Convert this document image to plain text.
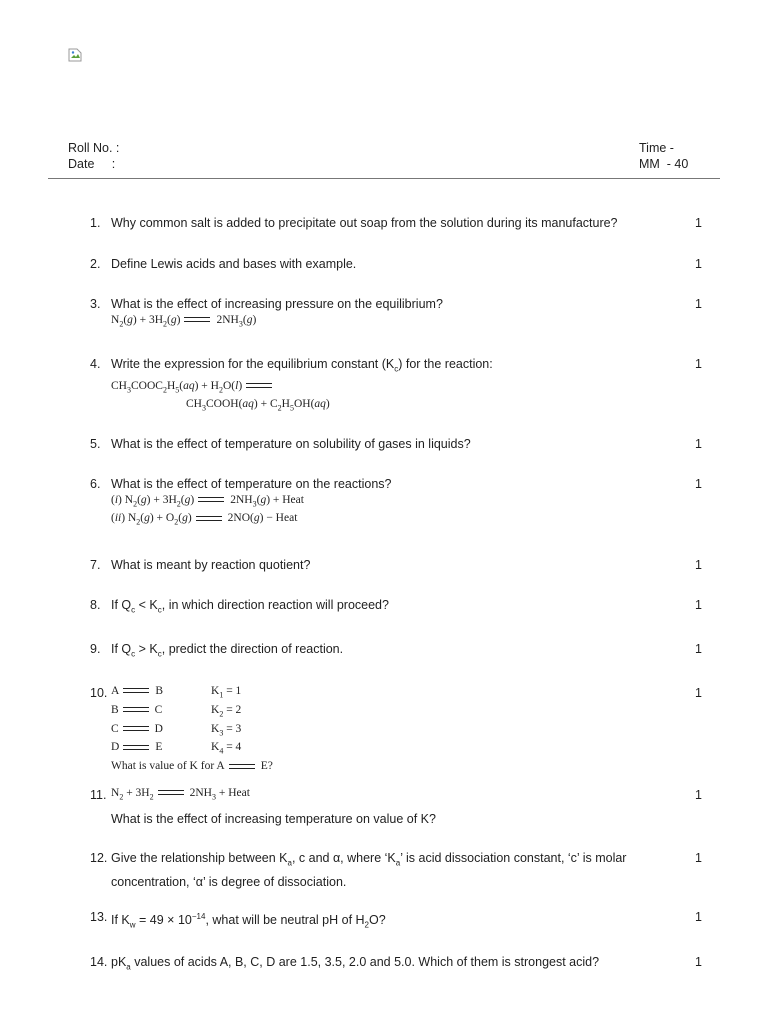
Roll No. :
Date     :
Time -
MM  - 40
1. Why common salt is added to precipitate out soap from the solution during its manufacture?	1
2. Define Lewis acids and bases with example.	1
3. What is the effect of increasing pressure on the equilibrium?	1
$N_2(g) + 3H_2(g)$	$2NH_3(g)$
4. Write the expression for the equilibrium constant $(K_c)$ for the reaction:	1
$CH_3COOC_2H_5(aq) + H_2O(l)$
$CH_3COOH(aq) + C_2H_5OH(aq)$
5. What is the effect of temperature on solubility of gases in liquids?	1
6. What is the effect of temperature on the reactions?	1
(i) $N_2(g) + 3H_2(g)$	$2NH_3(g)$ + Heat
(ii) $N_2(g) + O_2(g)$	2NO(g) − Heat
7. What is meant by reaction quotient?	1
8. If $Q_c < K_c$, in which direction reaction will proceed?	1
9. If $Q_c > K_c$, predict the direction of reaction.	1
10.	1
A	B	$K_1 = 1$
B	C	$K_2 = 2$
C	D	$K_3 = 3$
D	E	$K_4 = 4$
What is value of K for A	E?
11.	1
$N_2 + 3H_2$	$2NH_3$ + Heat
What is the effect of increasing temperature on value of K?
12. Give the relationship between $K_a$, c and α, where ‘$K_a$’ is acid dissociation constant, ‘c’ is molar concentration, ‘α’ is degree of dissociation.
1
13. If $K_w = 49 \times 10^{-14}$, what will be neutral pH of $H_2O$?	1
14. $pK_a$ values of acids A, B, C, D are 1.5, 3.5, 2.0 and 5.0. Which of them is strongest acid?	1
